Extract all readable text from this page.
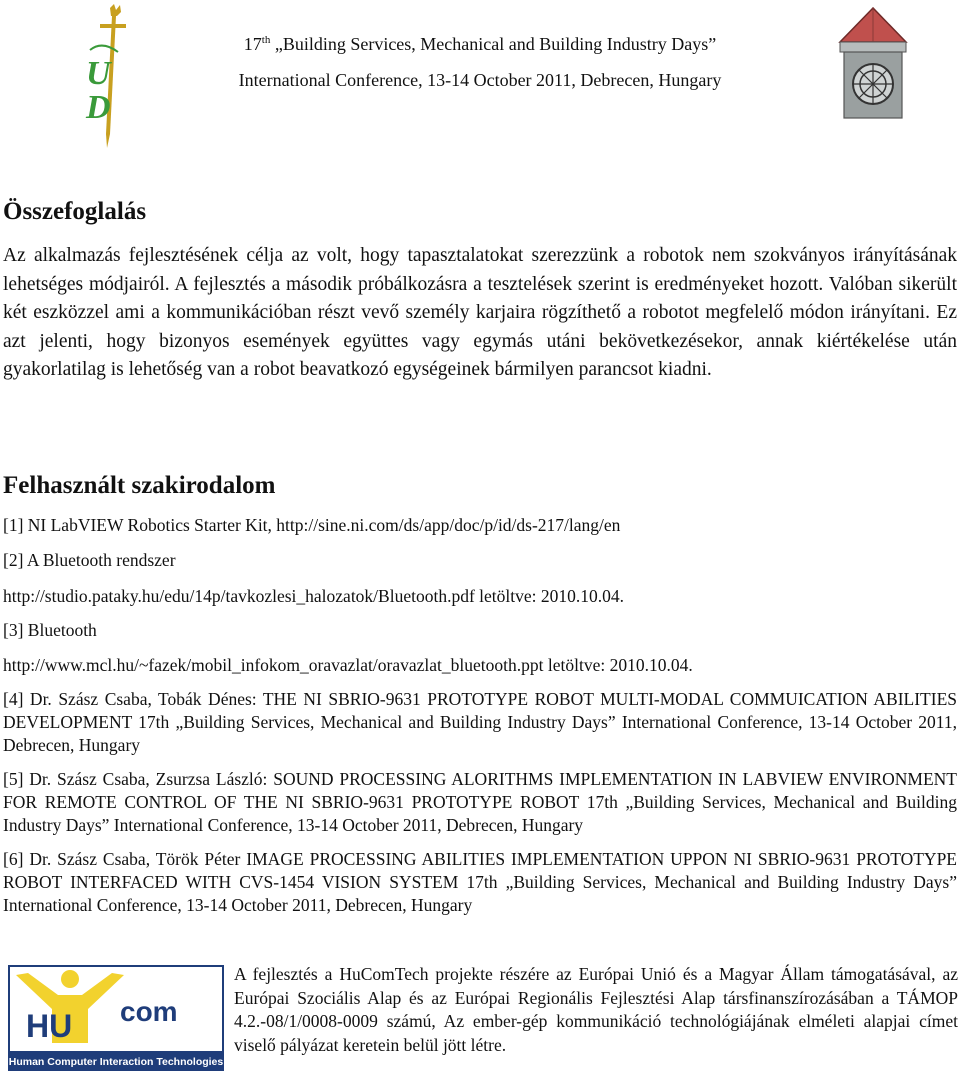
U
D
17th „Building Services, Mechanical and Building Industry Days”
International Conference, 13-14 October 2011, Debrecen, Hungary
Összefoglalás

Az alkalmazás fejlesztésének célja az volt, hogy tapasztalatokat szerezzünk a robotok nem szokványos irányításának lehetséges módjairól. A fejlesztés a második próbálkozásra a tesztelések szerint is eredményeket hozott. Valóban sikerült két eszközzel ami a kommunikációban részt vevő személy karjaira rögzíthető a robotot megfelelő módon irányítani. Ez azt jelenti, hogy bizonyos események együttes vagy egymás utáni bekövetkezésekor, annak kiértékelése után gyakorlatilag is lehetőség van a robot beavatkozó egységeinek bármilyen parancsot kiadni.

Felhasznált szakirodalom

[1] NI LabVIEW Robotics Starter Kit, http://sine.ni.com/ds/app/doc/p/id/ds-217/lang/en

[2] A Bluetooth rendszer

http://studio.pataky.hu/edu/14p/tavkozlesi_halozatok/Bluetooth.pdf letöltve: 2010.10.04.

[3] Bluetooth

http://www.mcl.hu/~fazek/mobil_infokom_oravazlat/oravazlat_bluetooth.ppt letöltve: 2010.10.04.

[4] Dr. Szász Csaba, Tobák Dénes: THE NI SBRIO-9631 PROTOTYPE ROBOT MULTI-MODAL COMMUICATION ABILITIES DEVELOPMENT 17th „Building Services, Mechanical and Building Industry Days” International Conference, 13-14 October 2011, Debrecen, Hungary

[5] Dr. Szász Csaba, Zsurzsa László: SOUND PROCESSING ALORITHMS IMPLEMENTATION IN LABVIEW ENVIRONMENT FOR REMOTE CONTROL OF THE NI SBRIO-9631 PROTOTYPE ROBOT 17th „Building Services, Mechanical and Building Industry Days” International Conference, 13-14 October 2011, Debrecen, Hungary

[6] Dr. Szász Csaba, Török Péter IMAGE PROCESSING ABILITIES IMPLEMENTATION UPPON NI SBRIO-9631 PROTOTYPE ROBOT INTERFACED WITH CVS-1454 VISION SYSTEM 17th „Building Services, Mechanical and Building Industry Days” International Conference, 13-14 October 2011, Debrecen, Hungary

HU com
Human Computer Interaction Technologies

A fejlesztés a HuComTech projekte részére az Európai Unió és a Magyar Állam támogatásával, az Európai Szociális Alap és az Európai Regionális Fejlesztési Alap társfinanszírozásában a TÁMOP 4.2.-08/1/0008-0009 számú, Az ember-gép kommunikáció technológiájának elméleti alapjai címet viselő pályázat keretein belül jött létre.
